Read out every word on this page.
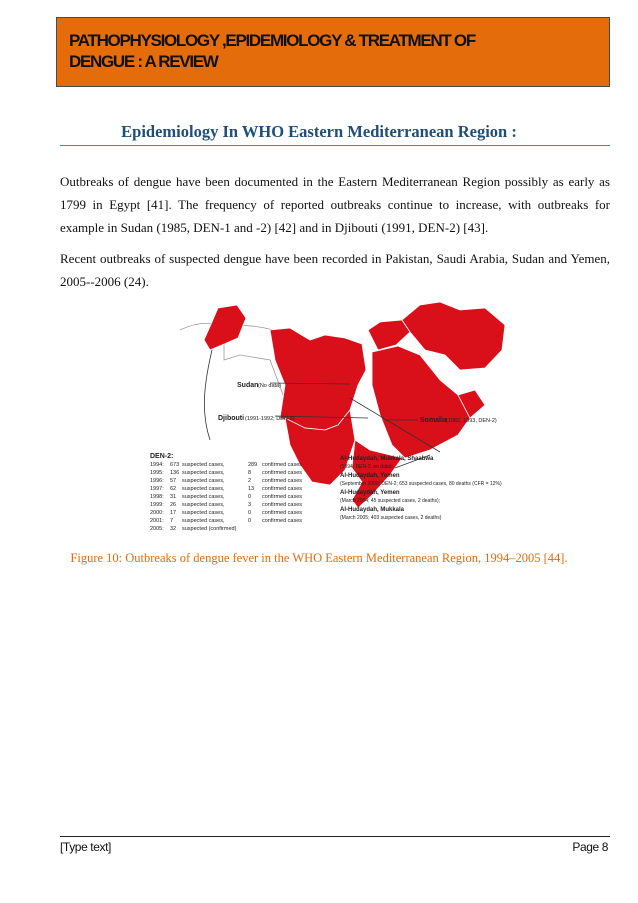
PATHOPHYSIOLOGY ,EPIDEMIOLOGY & TREATMENT OF
DENGUE : A REVIEW

Epidemiology In WHO Eastern Mediterranean Region :

Outbreaks of dengue have been documented in the Eastern Mediterranean Region possibly as early as 1799 in Egypt [41]. The frequency of reported outbreaks continue to increase, with outbreaks for example in Sudan (1985, DEN-1 and -2) [42] and in Djibouti (1991, DEN-2) [43].

Recent outbreaks of suspected dengue have been recorded in Pakistan, Saudi Arabia, Sudan and Yemen, 2005--2006 (24).

Sudan (No data)
Djibouti (1991-1992; DEN-2)	Somalia (1982, 1993, DEN-2)
DEN-2:
1994: 673 suspected cases,	289 confirmed cases
1995: 136 suspected cases,	8 confirmed cases
1996: 57 suspected cases,	2 confirmed cases
1997: 62 suspected cases,	13 confirmed cases
1998: 31 suspected cases,	0 confirmed cases
1999: 26 suspected cases,	3 confirmed cases
2000: 17 suspected cases,	0 confirmed cases
2001: 7 suspected cases,	0 confirmed cases
2005: 32 suspected (confirmed)
Al-Hudaydah, Mukkala, Shaabwa
(1994; DEN-3, no data);
Al-Hudaydah, Yemen
(September 2000; DEN-2; 653 suspected cases, 80 deaths (CFR = 12%)
Al-Hudaydah, Yemen
(March 2004; 45 suspected cases, 2 deaths);
Al-Hudaydah, Mukkala
(March 2005; 403 suspected cases, 2 deaths)

Figure 10: Outbreaks of dengue fever in the WHO Eastern Mediterranean Region, 1994–2005 [44].

[Type text]	Page 8
